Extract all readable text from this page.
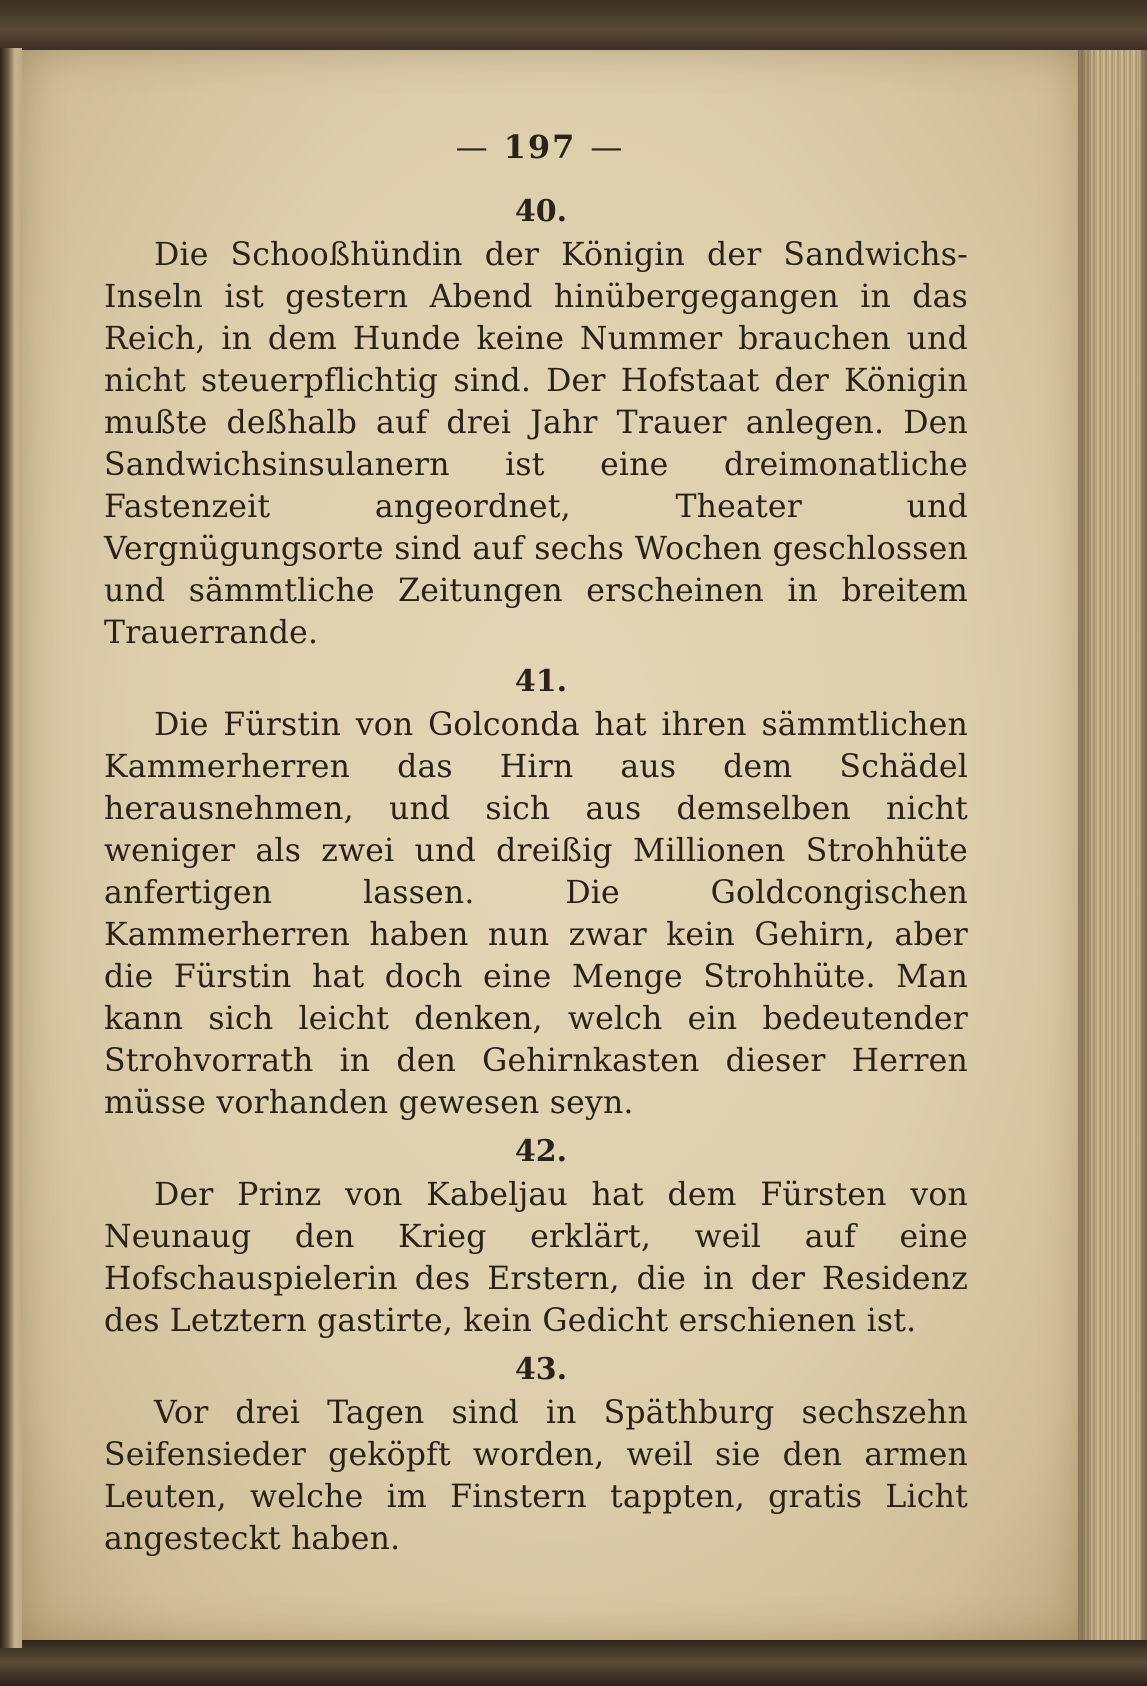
— 197 —
40.

Die Schooßhündin der Königin der Sandwichs-Inseln ist gestern Abend hinübergegangen in das Reich, in dem Hunde keine Nummer brauchen und nicht steuerpflichtig sind. Der Hofstaat der Königin mußte deßhalb auf drei Jahr Trauer anlegen. Den Sandwichsinsulanern ist eine dreimonatliche Fastenzeit angeordnet, Theater und Vergnügungsorte sind auf sechs Wochen geschlossen und sämmtliche Zeitungen erscheinen in breitem Trauerrande.

41.

Die Fürstin von Golconda hat ihren sämmtlichen Kammerherren das Hirn aus dem Schädel herausnehmen, und sich aus demselben nicht weniger als zwei und dreißig Millionen Strohhüte anfertigen lassen. Die Goldcongischen Kammerherren haben nun zwar kein Gehirn, aber die Fürstin hat doch eine Menge Strohhüte. Man kann sich leicht denken, welch ein bedeutender Strohvorrath in den Gehirnkasten dieser Herren müsse vorhanden gewesen seyn.

42.

Der Prinz von Kabeljau hat dem Fürsten von Neunaug den Krieg erklärt, weil auf eine Hofschauspielerin des Erstern, die in der Residenz des Letztern gastirte, kein Gedicht erschienen ist.

43.

Vor drei Tagen sind in Späthburg sechszehn Seifensieder geköpft worden, weil sie den armen Leuten, welche im Finstern tappten, gratis Licht angesteckt haben.
